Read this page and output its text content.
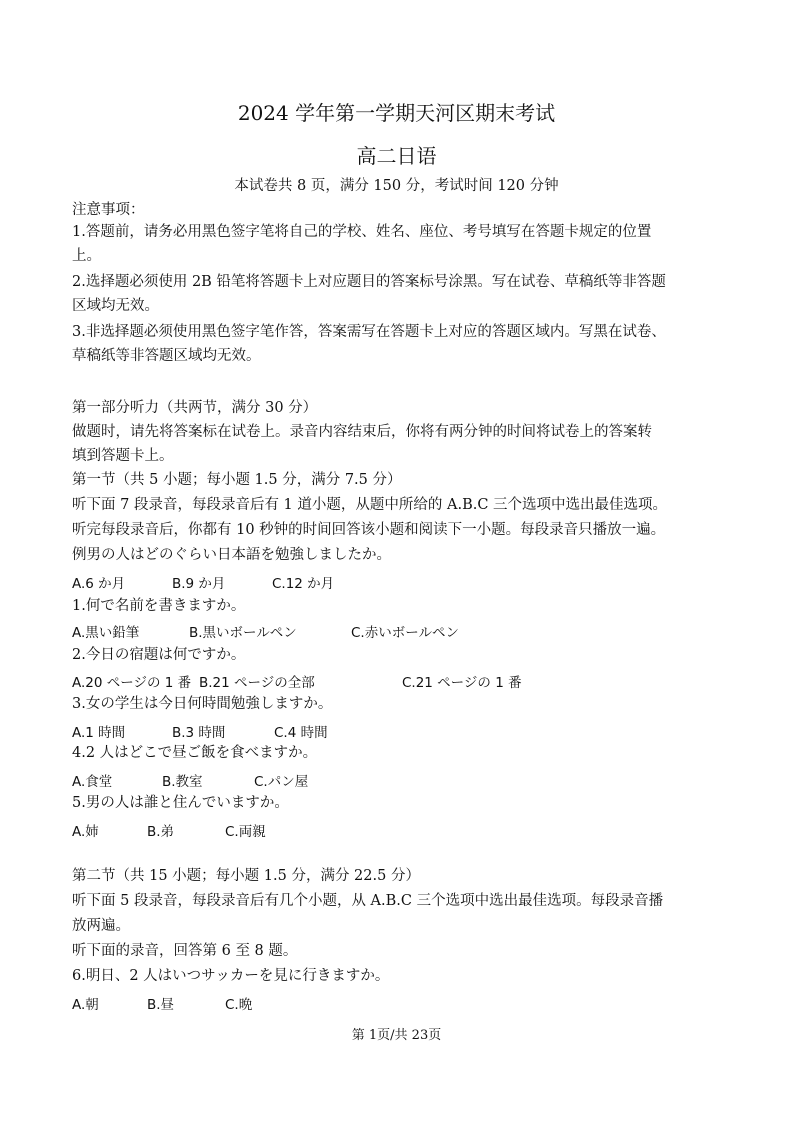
2024 学年第一学期天河区期末考试
高二日语
本试卷共 8 页，满分 150 分，考试时间 120 分钟
注意事项：
1.答题前，请务必用黑色签字笔将自己的学校、姓名、座位、考号填写在答题卡规定的位置
上。
2.选择题必须使用 2B 铅笔将答题卡上对应题目的答案标号涂黑。写在试卷、草稿纸等非答题
区域均无效。
3.非选择题必须使用黑色签字笔作答，答案需写在答题卡上对应的答题区域内。写黑在试卷、
草稿纸等非答题区域均无效。
第一部分听力（共两节，满分 30 分）
做题时，请先将答案标在试卷上。录音内容结束后，你将有两分钟的时间将试卷上的答案转
填到答题卡上。
第一节（共 5 小题；每小题 1.5 分，满分 7.5 分）
听下面 7 段录音，每段录音后有 1 道小题，从题中所给的 A.B.C 三个选项中选出最佳选项。
听完每段录音后，你都有 10 秒钟的时间回答该小题和阅读下一小题。每段录音只播放一遍。
例男の人はどのぐらい日本語を勉強しましたか。
A.6 か月	B.9 か月	C.12 か月
1.何で名前を書きますか。
A.黒い鉛筆	B.黒いボールペン	C.赤いボールペン
2.今日の宿題は何ですか。
A.20 ページの 1 番 B.21 ページの全部	C.21 ページの 1 番
3.女の学生は今日何時間勉強しますか。
A.1 時間	B.3 時間	C.4 時間
4.2 人はどこで昼ご飯を食べますか。
A.食堂	B.教室	C.パン屋
5.男の人は誰と住んでいますか。
A.姉	B.弟	C.両親
第二节（共 15 小题；每小题 1.5 分，满分 22.5 分）
听下面 5 段录音，每段录音后有几个小题，从 A.B.C 三个选项中选出最佳选项。每段录音播
放两遍。
听下面的录音，回答第 6 至 8 题。
6.明日、2 人はいつサッカーを見に行きますか。
A.朝	B.昼	C.晩
第 1页/共 23页
